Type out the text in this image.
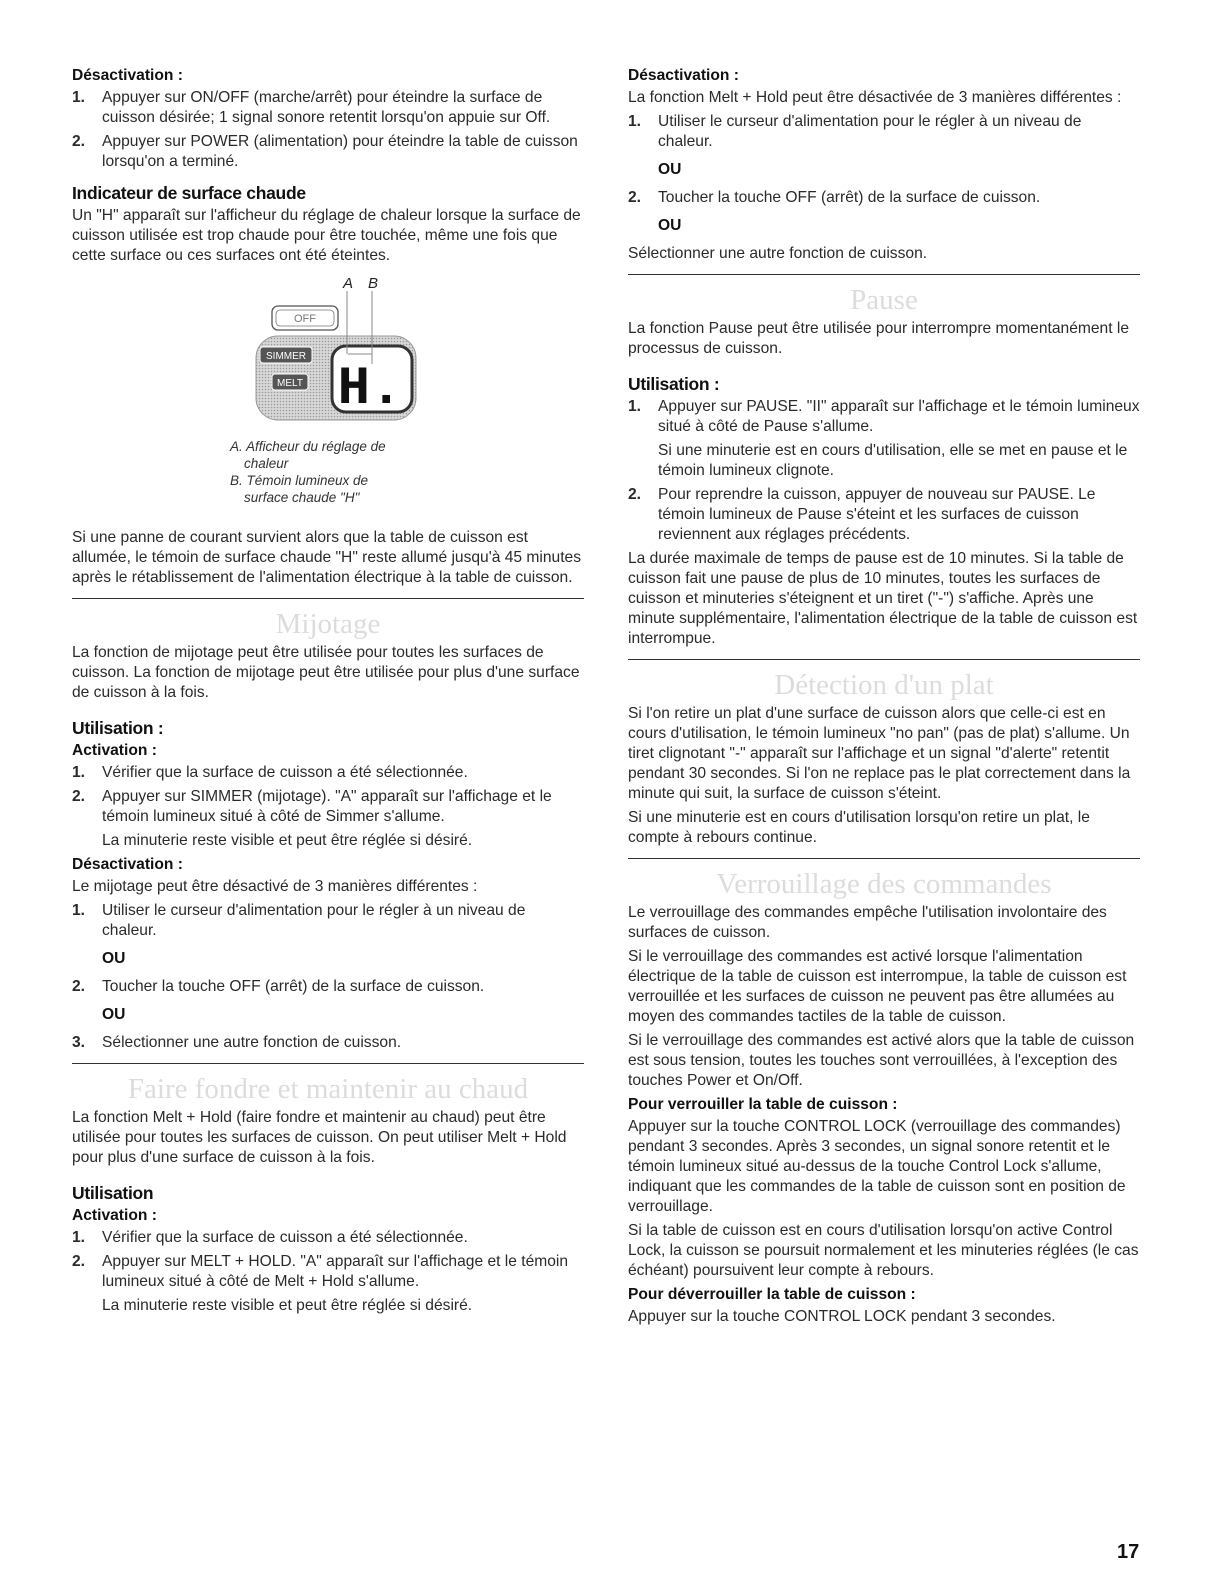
Désactivation :
1. Appuyer sur ON/OFF (marche/arrêt) pour éteindre la surface de cuisson désirée; 1 signal sonore retentit lorsqu'on appuie sur Off.
2. Appuyer sur POWER (alimentation) pour éteindre la table de cuisson lorsqu'on a terminé.
Indicateur de surface chaude

Un "H" apparaît sur l'afficheur du réglage de chaleur lorsque la surface de cuisson utilisée est trop chaude pour être touchée, même une fois que cette surface ou ces surfaces ont été éteintes.

A B
OFF
SIMMER
MELT H.
A. Afficheur du réglage de
chaleur
B. Témoin lumineux de
surface chaude "H"

Si une panne de courant survient alors que la table de cuisson est allumée, le témoin de surface chaude "H" reste allumé jusqu'à 45 minutes après le rétablissement de l'alimentation électrique à la table de cuisson.

Mijotage

La fonction de mijotage peut être utilisée pour toutes les surfaces de cuisson. La fonction de mijotage peut être utilisée pour plus d'une surface de cuisson à la fois.

Utilisation :
Activation :
1. Vérifier que la surface de cuisson a été sélectionnée.
2. Appuyer sur SIMMER (mijotage). "A" apparaît sur l'affichage et le témoin lumineux situé à côté de Simmer s'allume.

La minuterie reste visible et peut être réglée si désiré.

Désactivation :

Le mijotage peut être désactivé de 3 manières différentes :

1. Utiliser le curseur d'alimentation pour le régler à un niveau de chaleur.
OU
2. Toucher la touche OFF (arrêt) de la surface de cuisson.
OU
3. Sélectionner une autre fonction de cuisson.
Faire fondre et maintenir au chaud

La fonction Melt + Hold (faire fondre et maintenir au chaud) peut être utilisée pour toutes les surfaces de cuisson. On peut utiliser Melt + Hold pour plus d'une surface de cuisson à la fois.

Utilisation
Activation :
1. Vérifier que la surface de cuisson a été sélectionnée.
2. Appuyer sur MELT + HOLD. "A" apparaît sur l'affichage et le témoin lumineux situé à côté de Melt + Hold s'allume.

La minuterie reste visible et peut être réglée si désiré.

Désactivation :

La fonction Melt + Hold peut être désactivée de 3 manières différentes :

1. Utiliser le curseur d'alimentation pour le régler à un niveau de chaleur.
OU
2. Toucher la touche OFF (arrêt) de la surface de cuisson.
OU

Sélectionner une autre fonction de cuisson.

Pause

La fonction Pause peut être utilisée pour interrompre momentanément le processus de cuisson.

Utilisation :
1. Appuyer sur PAUSE. "II" apparaît sur l'affichage et le témoin lumineux situé à côté de Pause s'allume.

Si une minuterie est en cours d'utilisation, elle se met en pause et le témoin lumineux clignote.

2. Pour reprendre la cuisson, appuyer de nouveau sur PAUSE. Le témoin lumineux de Pause s'éteint et les surfaces de cuisson reviennent aux réglages précédents.

La durée maximale de temps de pause est de 10 minutes. Si la table de cuisson fait une pause de plus de 10 minutes, toutes les surfaces de cuisson et minuteries s'éteignent et un tiret ("-") s'affiche. Après une minute supplémentaire, l'alimentation électrique de la table de cuisson est interrompue.

Détection d'un plat

Si l'on retire un plat d'une surface de cuisson alors que celle-ci est en cours d'utilisation, le témoin lumineux "no pan" (pas de plat) s'allume. Un tiret clignotant "-" apparaît sur l'affichage et un signal "d'alerte" retentit pendant 30 secondes. Si l'on ne replace pas le plat correctement dans la minute qui suit, la surface de cuisson s'éteint.

Si une minuterie est en cours d'utilisation lorsqu'on retire un plat, le compte à rebours continue.

Verrouillage des commandes

Le verrouillage des commandes empêche l'utilisation involontaire des surfaces de cuisson.

Si le verrouillage des commandes est activé lorsque l'alimentation électrique de la table de cuisson est interrompue, la table de cuisson est verrouillée et les surfaces de cuisson ne peuvent pas être allumées au moyen des commandes tactiles de la table de cuisson.

Si le verrouillage des commandes est activé alors que la table de cuisson est sous tension, toutes les touches sont verrouillées, à l'exception des touches Power et On/Off.

Pour verrouiller la table de cuisson :

Appuyer sur la touche CONTROL LOCK (verrouillage des commandes) pendant 3 secondes. Après 3 secondes, un signal sonore retentit et le témoin lumineux situé au-dessus de la touche Control Lock s'allume, indiquant que les commandes de la table de cuisson sont en position de verrouillage.

Si la table de cuisson est en cours d'utilisation lorsqu'on active Control Lock, la cuisson se poursuit normalement et les minuteries réglées (le cas échéant) poursuivent leur compte à rebours.

Pour déverrouiller la table de cuisson :

Appuyer sur la touche CONTROL LOCK pendant 3 secondes.

17
